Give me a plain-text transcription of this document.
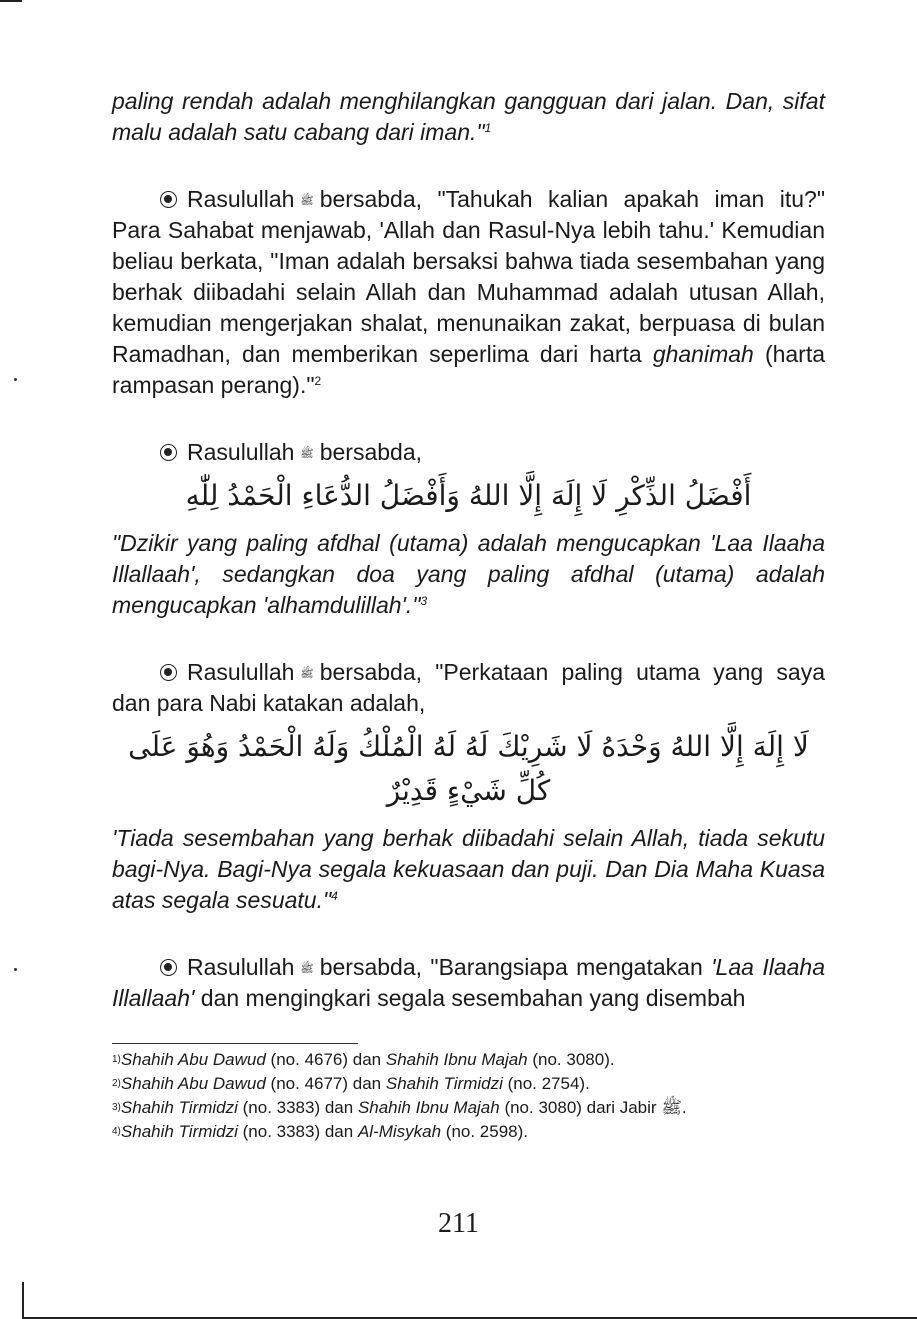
paling rendah adalah menghilangkan gangguan dari jalan. Dan, sifat malu adalah satu cabang dari iman."$^1$

Rasulullah ﷺ bersabda, "Tahukah kalian apakah iman itu?" Para Sahabat menjawab, 'Allah dan Rasul-Nya lebih tahu.' Kemudian beliau berkata, "Iman adalah bersaksi bahwa tiada sesembahan yang berhak diibadahi selain Allah dan Muhammad adalah utusan Allah, kemudian mengerjakan shalat, menunaikan zakat, berpuasa di bulan Ramadhan, dan memberikan seperlima dari harta ghanimah (harta rampasan perang)."$^2$

Rasulullah ﷺ bersabda,

أَفْضَلُ الذِّكْرِ لَا إِلَهَ إِلَّا اللهُ وَأَفْضَلُ الدُّعَاءِ الْحَمْدُ لِلّٰهِ

"Dzikir yang paling afdhal (utama) adalah mengucapkan 'Laa Ilaaha Illallaah', sedangkan doa yang paling afdhal (utama) adalah mengucapkan 'alhamdulillah'."$^3$

Rasulullah ﷺ bersabda, "Perkataan paling utama yang saya dan para Nabi katakan adalah,

لَا إِلَهَ إِلَّا اللهُ وَحْدَهُ لَا شَرِيْكَ لَهُ لَهُ الْمُلْكُ وَلَهُ الْحَمْدُ وَهُوَ عَلَى كُلِّ شَيْءٍ قَدِيْرٌ

'Tiada sesembahan yang berhak diibadahi selain Allah, tiada sekutu bagi-Nya. Bagi-Nya segala kekuasaan dan puji. Dan Dia Maha Kuasa atas segala sesuatu."$^4$

Rasulullah ﷺ bersabda, "Barangsiapa mengatakan 'Laa Ilaaha Illallaah' dan mengingkari segala sesembahan yang disembah

$^{1)}$Shahih Abu Dawud (no. 4676) dan Shahih Ibnu Majah (no. 3080).

$^{2)}$Shahih Abu Dawud (no. 4677) dan Shahih Tirmidzi (no. 2754).

$^{3)}$Shahih Tirmidzi (no. 3383) dan Shahih Ibnu Majah (no. 3080) dari Jabir ﷺ.

$^{4)}$Shahih Tirmidzi (no. 3383) dan Al-Misykah (no. 2598).

211
